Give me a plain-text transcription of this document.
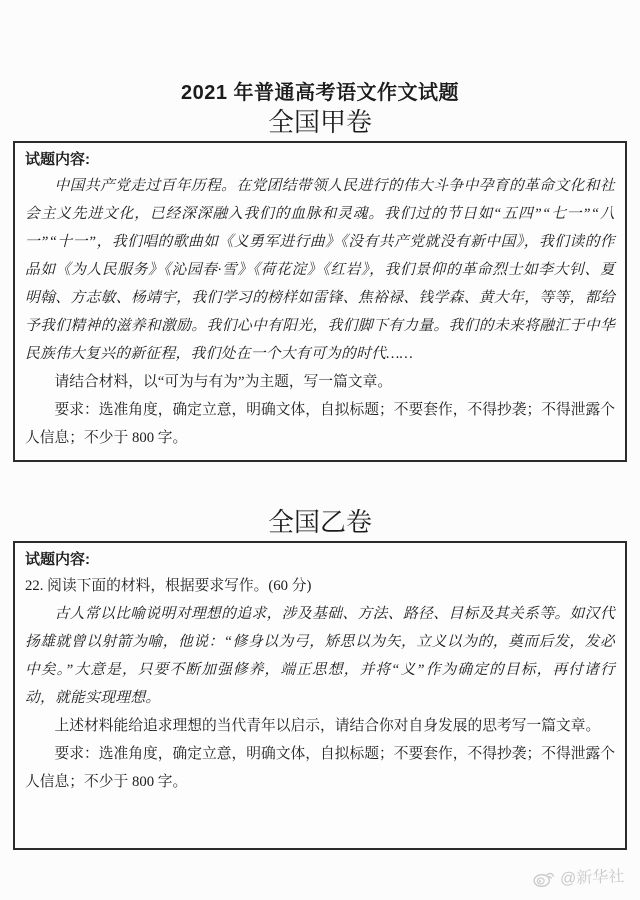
2021 年普通高考语文作文试题
全国甲卷

试题内容:

中国共产党走过百年历程。在党团结带领人民进行的伟大斗争中孕育的革命文化和社会主义先进文化，已经深深融入我们的血脉和灵魂。我们过的节日如“五四”“七一”“八一”“十一”，我们唱的歌曲如《义勇军进行曲》《没有共产党就没有新中国》，我们读的作品如《为人民服务》《沁园春·雪》《荷花淀》《红岩》，我们景仰的革命烈士如李大钊、夏明翰、方志敏、杨靖宇，我们学习的榜样如雷锋、焦裕禄、钱学森、黄大年，等等，都给予我们精神的滋养和激励。我们心中有阳光，我们脚下有力量。我们的未来将融汇于中华民族伟大复兴的新征程，我们处在一个大有可为的时代……

请结合材料，以“可为与有为”为主题，写一篇文章。

要求：选准角度，确定立意，明确文体，自拟标题；不要套作，不得抄袭；不得泄露个人信息；不少于 800 字。

全国乙卷

试题内容:

22. 阅读下面的材料，根据要求写作。(60 分)

古人常以比喻说明对理想的追求，涉及基础、方法、路径、目标及其关系等。如汉代扬雄就曾以射箭为喻，他说：“修身以为弓，矫思以为矢，立义以为的，奠而后发，发必中矣。”大意是，只要不断加强修养，端正思想，并将“义”作为确定的目标，再付诸行动，就能实现理想。

上述材料能给追求理想的当代青年以启示，请结合你对自身发展的思考写一篇文章。

要求：选准角度，确定立意，明确文体，自拟标题；不要套作，不得抄袭；不得泄露个人信息；不少于 800 字。

@新华社
